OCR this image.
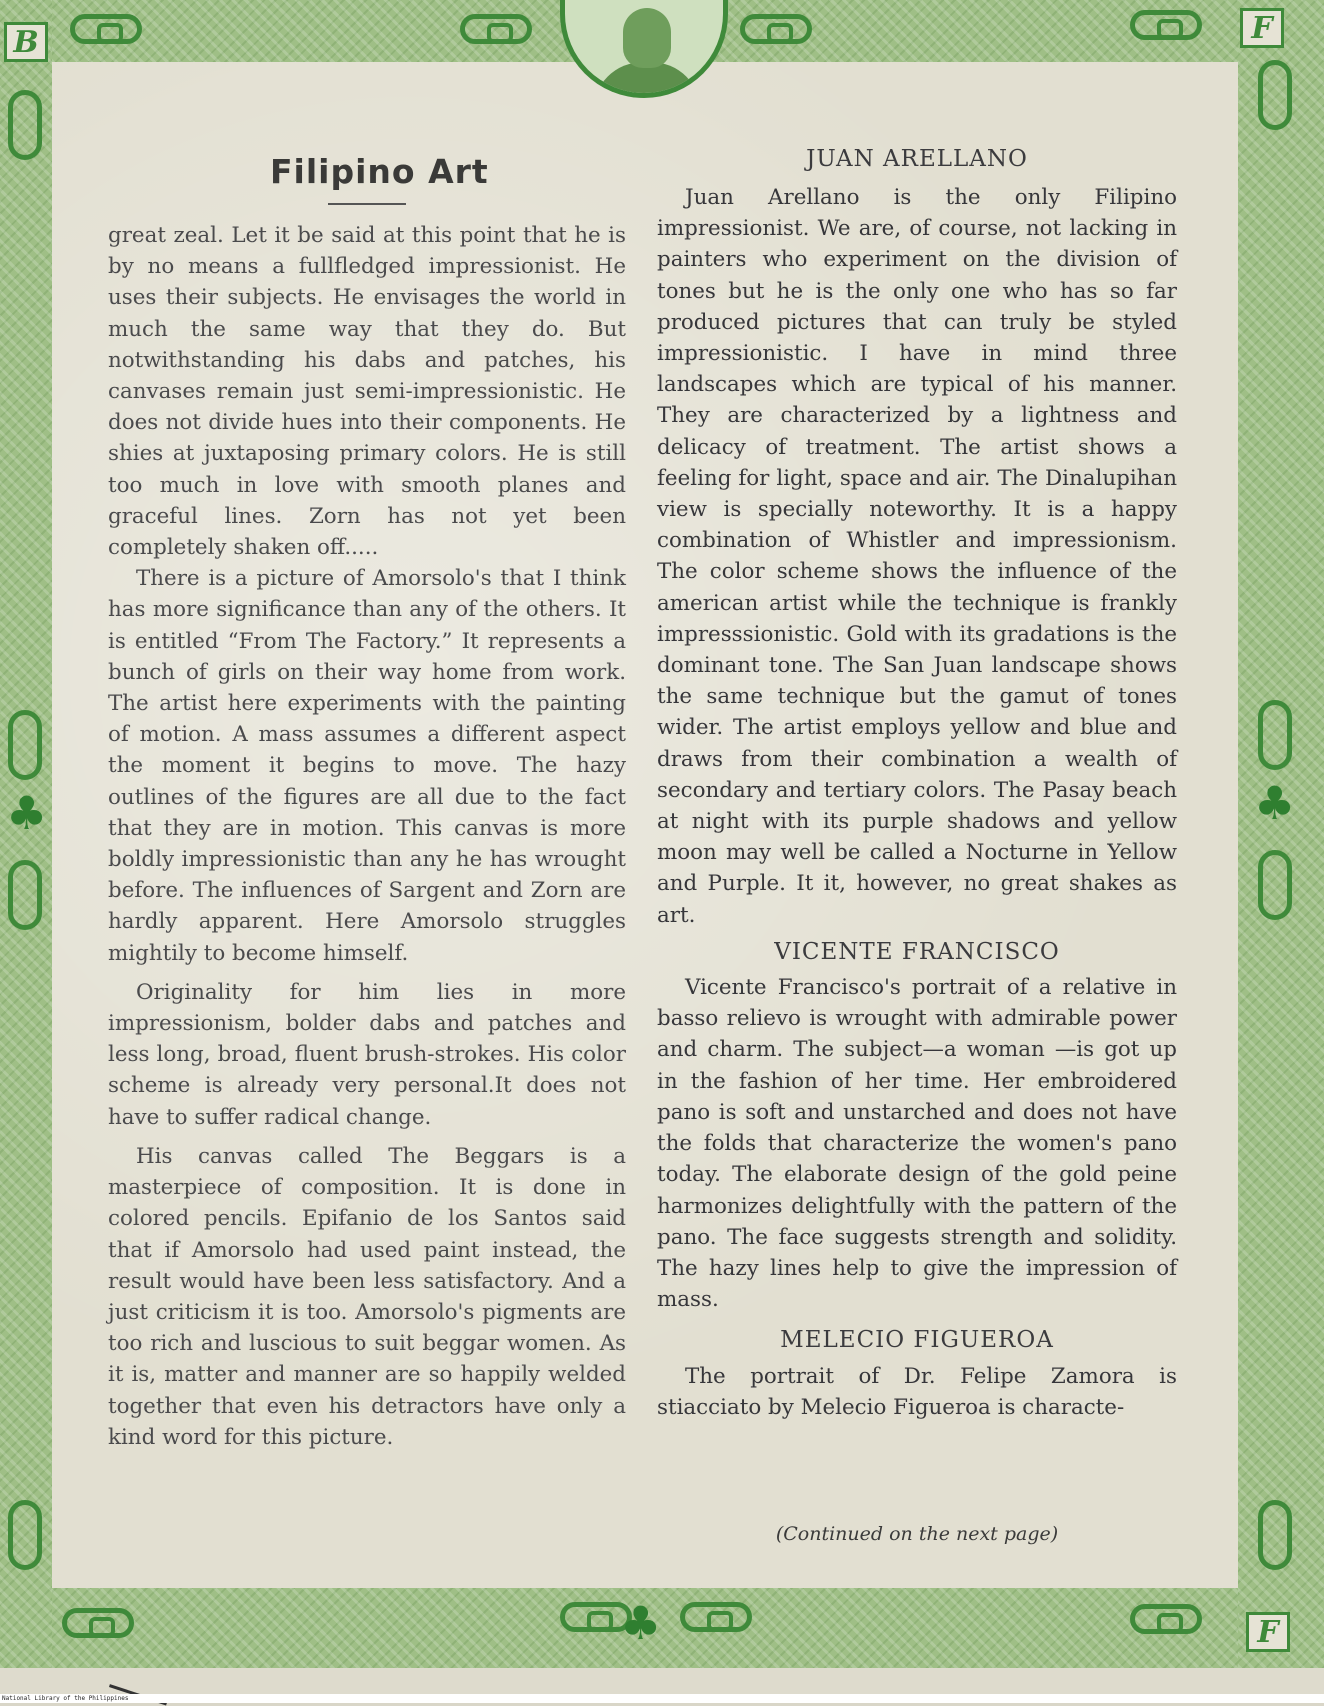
♣	♣
♣
B	F
F
Filipino Art

great zeal. Let it be said at this point that he is by no means a fullfledged impressionist. He uses their subjects. He envisages the world in much the same way that they do. But notwithstanding his dabs and patches, his canvases remain just semi-impressionistic. He does not divide hues into their components. He shies at juxtaposing primary colors. He is still too much in love with smooth planes and graceful lines. Zorn has not yet been completely shaken off.....

There is a picture of Amorsolo's that I think has more significance than any of the others. It is entitled “From The Factory.” It represents a bunch of girls on their way home from work. The artist here experiments with the painting of motion. A mass assumes a different aspect the moment it begins to move. The hazy outlines of the figures are all due to the fact that they are in motion. This canvas is more boldly impressionistic than any he has wrought before. The influences of Sargent and Zorn are hardly apparent. Here Amorsolo struggles mightily to become himself.

Originality for him lies in more impressionism, bolder dabs and patches and less long, broad, fluent brush-strokes. His color scheme is already very personal.It does not have to suffer radical change.

His canvas called The Beggars is a masterpiece of composition. It is done in colored pencils. Epifanio de los Santos said that if Amorsolo had used paint instead, the result would have been less satisfactory. And a just criticism it is too. Amorsolo's pigments are too rich and luscious to suit beggar women. As it is, matter and manner are so happily welded together that even his detractors have only a kind word for this picture.

JUAN ARELLANO

Juan Arellano is the only Filipino impressionist. We are, of course, not lacking in painters who experiment on the division of tones but he is the only one who has so far produced pictures that can truly be styled impressionistic. I have in mind three landscapes which are typical of his manner. They are characterized by a lightness and delicacy of treatment. The artist shows a feeling for light, space and air. The Dinalupihan view is specially noteworthy. It is a happy combination of Whistler and impressionism. The color scheme shows the influence of the american artist while the technique is frankly impresssionistic. Gold with its gradations is the dominant tone. The San Juan landscape shows the same technique but the gamut of tones wider. The artist employs yellow and blue and draws from their combination a wealth of secondary and tertiary colors. The Pasay beach at night with its purple shadows and yellow moon may well be called a Nocturne in Yellow and Purple. It it, however, no great shakes as art.

VICENTE FRANCISCO

Vicente Francisco's portrait of a relative in basso relievo is wrought with admirable power and charm. The subject—a woman —is got up in the fashion of her time. Her embroidered pano is soft and unstarched and does not have the folds that characterize the women's pano today. The elaborate design of the gold peine harmonizes delightfully with the pattern of the pano. The face suggests strength and solidity. The hazy lines help to give the impression of mass.

MELECIO FIGUEROA

The portrait of Dr. Felipe Zamora is stiacciato by Melecio Figueroa is characte-

(Continued on the next page)
National Library of the Philippines
